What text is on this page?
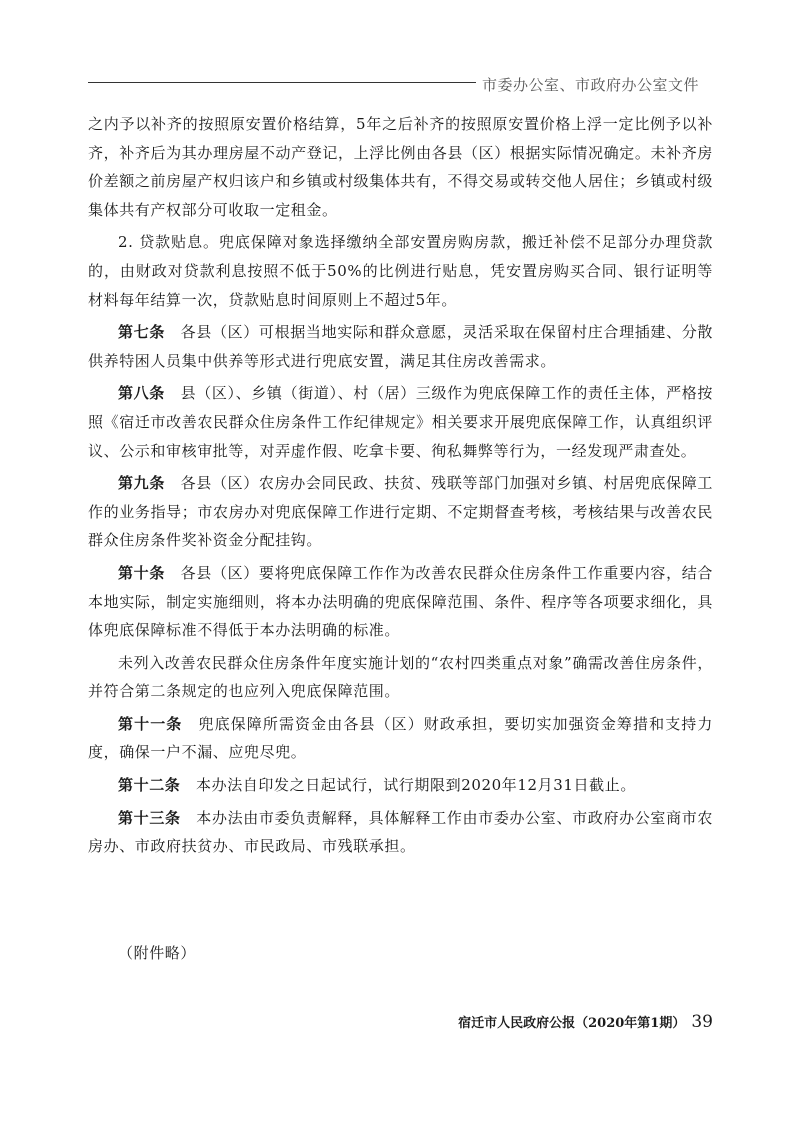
市委办公室、市政府办公室文件

之内予以补齐的按照原安置价格结算，5年之后补齐的按照原安置价格上浮一定比例予以补齐，补齐后为其办理房屋不动产登记，上浮比例由各县（区）根据实际情况确定。未补齐房价差额之前房屋产权归该户和乡镇或村级集体共有，不得交易或转交他人居住；乡镇或村级集体共有产权部分可收取一定租金。

2. 贷款贴息。兜底保障对象选择缴纳全部安置房购房款，搬迁补偿不足部分办理贷款的，由财政对贷款利息按照不低于50%的比例进行贴息，凭安置房购买合同、银行证明等材料每年结算一次，贷款贴息时间原则上不超过5年。

第七条　各县（区）可根据当地实际和群众意愿，灵活采取在保留村庄合理插建、分散供养特困人员集中供养等形式进行兜底安置，满足其住房改善需求。

第八条　县（区）、乡镇（街道）、村（居）三级作为兜底保障工作的责任主体，严格按照《宿迁市改善农民群众住房条件工作纪律规定》相关要求开展兜底保障工作，认真组织评议、公示和审核审批等，对弄虚作假、吃拿卡要、徇私舞弊等行为，一经发现严肃查处。

第九条　各县（区）农房办会同民政、扶贫、残联等部门加强对乡镇、村居兜底保障工作的业务指导；市农房办对兜底保障工作进行定期、不定期督查考核，考核结果与改善农民群众住房条件奖补资金分配挂钩。

第十条　各县（区）要将兜底保障工作作为改善农民群众住房条件工作重要内容，结合本地实际，制定实施细则，将本办法明确的兜底保障范围、条件、程序等各项要求细化，具体兜底保障标准不得低于本办法明确的标准。

未列入改善农民群众住房条件年度实施计划的“农村四类重点对象”确需改善住房条件，并符合第二条规定的也应列入兜底保障范围。

第十一条　兜底保障所需资金由各县（区）财政承担，要切实加强资金筹措和支持力度，确保一户不漏、应兜尽兜。

第十二条　本办法自印发之日起试行，试行期限到2020年12月31日截止。

第十三条　本办法由市委负责解释，具体解释工作由市委办公室、市政府办公室商市农房办、市政府扶贫办、市民政局、市残联承担。

（附件略）
宿迁市人民政府公报（2020年第1期） 39
